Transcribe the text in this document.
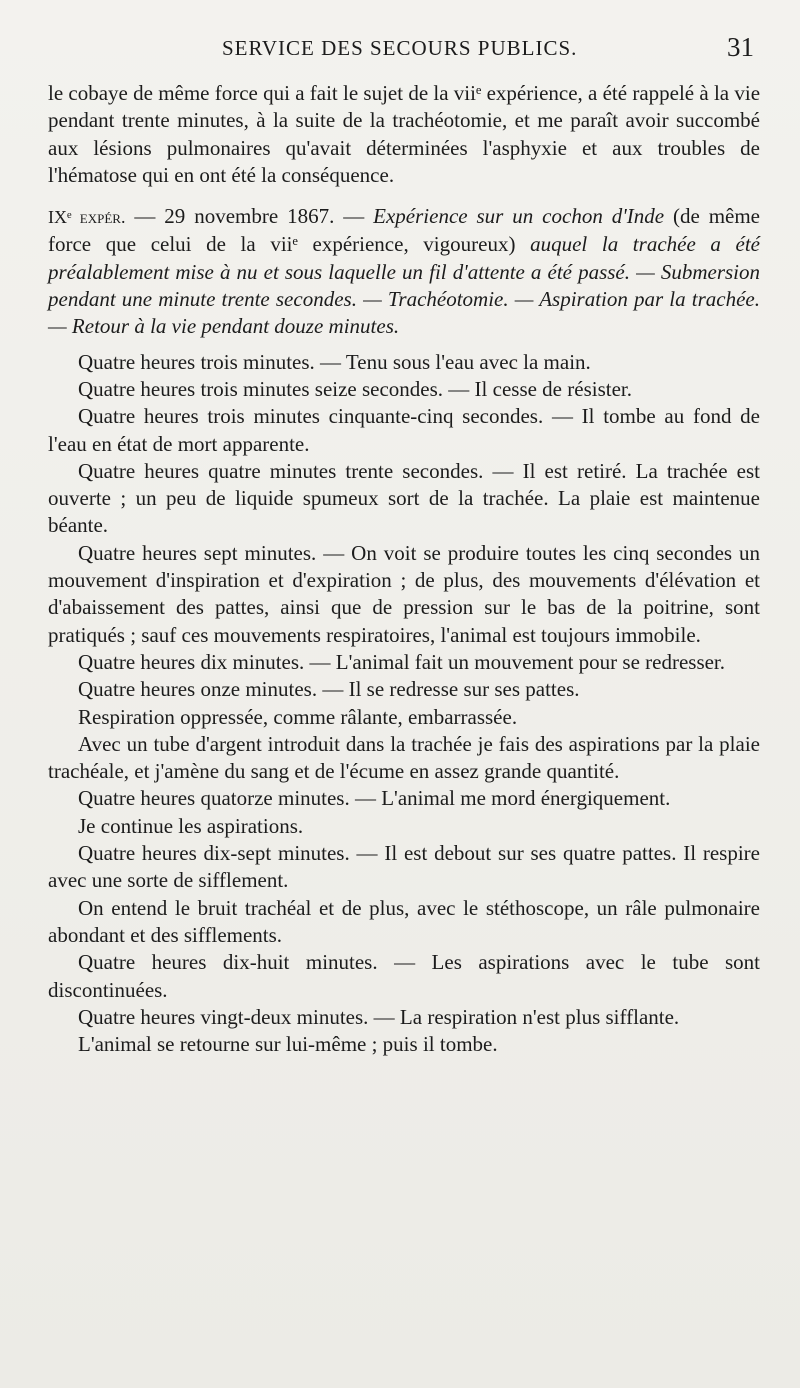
SERVICE DES SECOURS PUBLICS.	31

le cobaye de même force qui a fait le sujet de la viiᵉ expérience, a été rappelé à la vie pendant trente minutes, à la suite de la trachéotomie, et me paraît avoir succombé aux lésions pulmonaires qu'avait déterminées l'asphyxie et aux troubles de l'hématose qui en ont été la conséquence.

IXᵉ expér. — 29 novembre 1867. — Expérience sur un cochon d'Inde (de même force que celui de la viiᵉ expérience, vigoureux) auquel la trachée a été préalablement mise à nu et sous laquelle un fil d'attente a été passé. — Submersion pendant une minute trente secondes. — Trachéotomie. — Aspiration par la trachée. — Retour à la vie pendant douze minutes.

Quatre heures trois minutes. — Tenu sous l'eau avec la main.

Quatre heures trois minutes seize secondes. — Il cesse de résister.

Quatre heures trois minutes cinquante-cinq secondes. — Il tombe au fond de l'eau en état de mort apparente.

Quatre heures quatre minutes trente secondes. — Il est retiré. La trachée est ouverte ; un peu de liquide spumeux sort de la trachée. La plaie est maintenue béante.

Quatre heures sept minutes. — On voit se produire toutes les cinq secondes un mouvement d'inspiration et d'expiration ; de plus, des mouvements d'élévation et d'abaissement des pattes, ainsi que de pression sur le bas de la poitrine, sont pratiqués ; sauf ces mouvements respiratoires, l'animal est toujours immobile.

Quatre heures dix minutes. — L'animal fait un mouvement pour se redresser.

Quatre heures onze minutes. — Il se redresse sur ses pattes.

Respiration oppressée, comme râlante, embarrassée.

Avec un tube d'argent introduit dans la trachée je fais des aspirations par la plaie trachéale, et j'amène du sang et de l'écume en assez grande quantité.

Quatre heures quatorze minutes. — L'animal me mord énergiquement.

Je continue les aspirations.

Quatre heures dix-sept minutes. — Il est debout sur ses quatre pattes. Il respire avec une sorte de sifflement.

On entend le bruit trachéal et de plus, avec le stéthoscope, un râle pulmonaire abondant et des sifflements.

Quatre heures dix-huit minutes. — Les aspirations avec le tube sont discontinuées.

Quatre heures vingt-deux minutes. — La respiration n'est plus sifflante.

L'animal se retourne sur lui-même ; puis il tombe.
